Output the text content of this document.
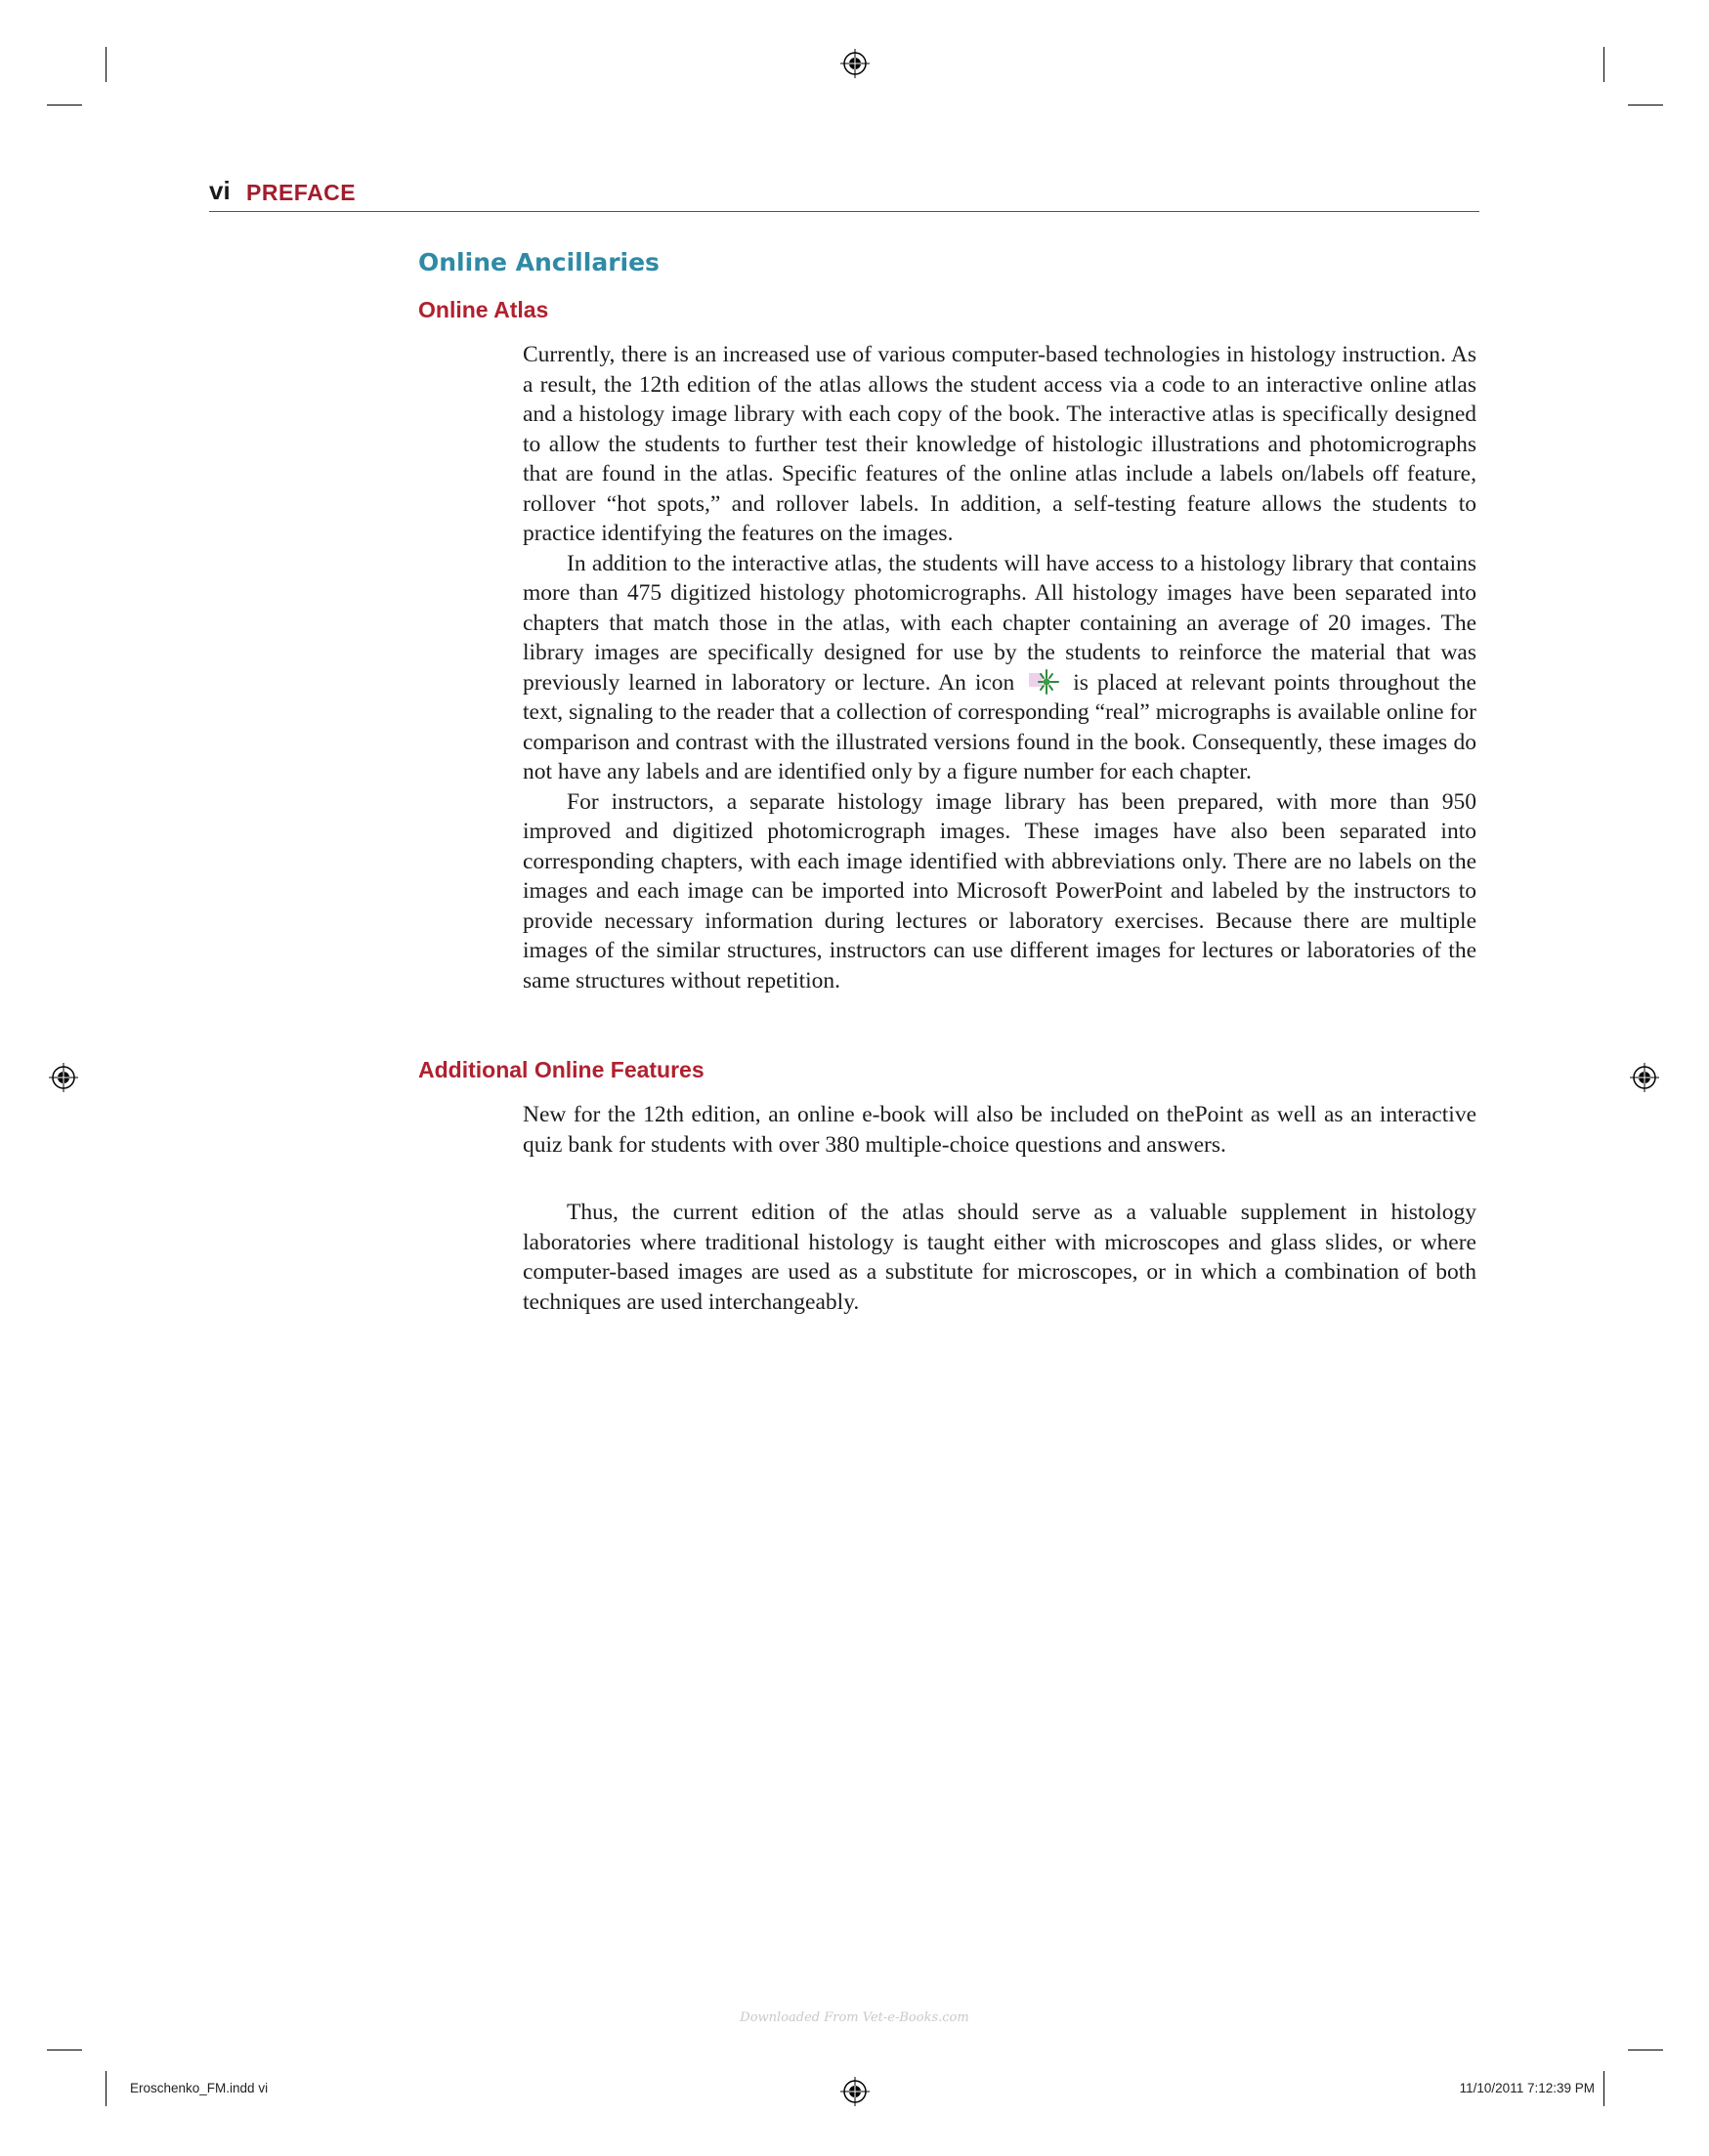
vi PREFACE
Online Ancillaries
Online Atlas

Currently, there is an increased use of various computer-based technologies in histology instruction. As a result, the 12th edition of the atlas allows the student access via a code to an interactive online atlas and a histology image library with each copy of the book. The interactive atlas is specifically designed to allow the students to further test their knowledge of histologic illustrations and photomicrographs that are found in the atlas. Specific features of the online atlas include a labels on/labels off feature, rollover “hot spots,” and rollover labels. In addition, a self-testing feature allows the students to practice identifying the features on the images.

In addition to the interactive atlas, the students will have access to a histology library that contains more than 475 digitized histology photomicrographs. All histology images have been separated into chapters that match those in the atlas, with each chapter containing an average of 20 images. The library images are specifically designed for use by the students to reinforce the material that was previously learned in laboratory or lecture. An icon  is placed at relevant points throughout the text, signaling to the reader that a collection of corresponding “real” micrographs is available online for comparison and contrast with the illustrated versions found in the book. Consequently, these images do not have any labels and are identified only by a figure number for each chapter.

For instructors, a separate histology image library has been prepared, with more than 950 improved and digitized photomicrograph images. These images have also been separated into corresponding chapters, with each image identified with abbreviations only. There are no labels on the images and each image can be imported into Microsoft PowerPoint and labeled by the instructors to provide necessary information during lectures or laboratory exercises. Because there are multiple images of the similar structures, instructors can use different images for lectures or laboratories of the same structures without repetition.

Additional Online Features

New for the 12th edition, an online e-book will also be included on thePoint as well as an interactive quiz bank for students with over 380 multiple-choice questions and answers.

Thus, the current edition of the atlas should serve as a valuable supplement in histology laboratories where traditional histology is taught either with microscopes and glass slides, or where computer-based images are used as a substitute for microscopes, or in which a combination of both techniques are used interchangeably.

Downloaded From Vet-e-Books.com
Eroschenko_FM.indd vi	11/10/2011 7:12:39 PM
